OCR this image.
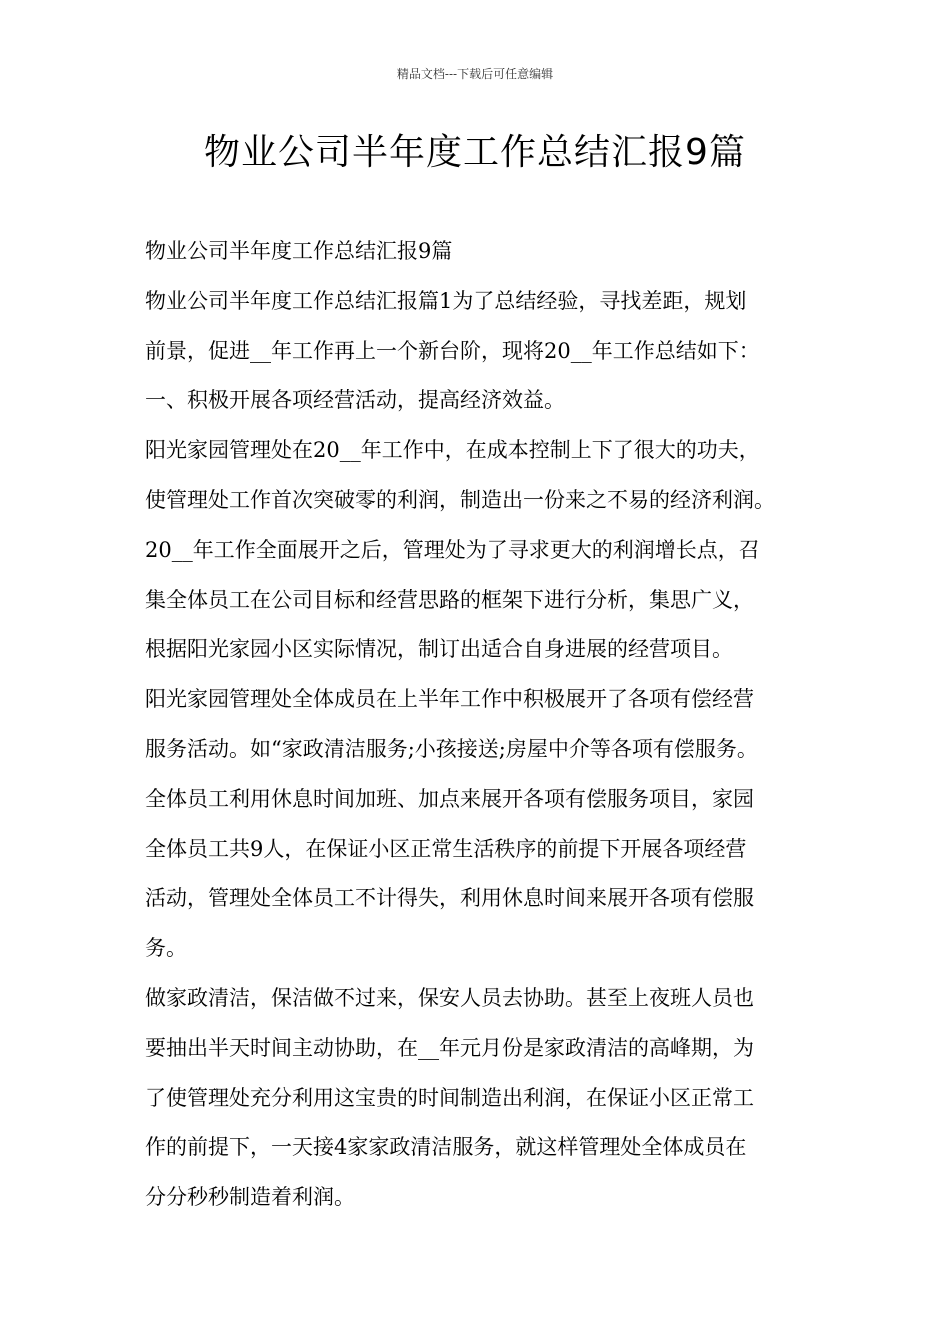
精品文档---下载后可任意编辑
物业公司半年度工作总结汇报9篇
物业公司半年度工作总结汇报9篇
物业公司半年度工作总结汇报篇1为了总结经验，寻找差距，规划
前景，促进__年工作再上一个新台阶，现将20__年工作总结如下：
一、积极开展各项经营活动，提高经济效益。
阳光家园管理处在20__年工作中，在成本控制上下了很大的功夫，
使管理处工作首次突破零的利润，制造出一份来之不易的经济利润。
20__年工作全面展开之后，管理处为了寻求更大的利润增长点，召
集全体员工在公司目标和经营思路的框架下进行分析，集思广义，
根据阳光家园小区实际情况，制订出适合自身进展的经营项目。
阳光家园管理处全体成员在上半年工作中积极展开了各项有偿经营
服务活动。如“家政清洁服务;小孩接送;房屋中介等各项有偿服务。
全体员工利用休息时间加班、加点来展开各项有偿服务项目，家园
全体员工共9人，在保证小区正常生活秩序的前提下开展各项经营
活动，管理处全体员工不计得失，利用休息时间来展开各项有偿服
务。
做家政清洁，保洁做不过来，保安人员去协助。甚至上夜班人员也
要抽出半天时间主动协助，在__年元月份是家政清洁的高峰期，为
了使管理处充分利用这宝贵的时间制造出利润，在保证小区正常工
作的前提下，一天接4家家政清洁服务，就这样管理处全体成员在
分分秒秒制造着利润。
